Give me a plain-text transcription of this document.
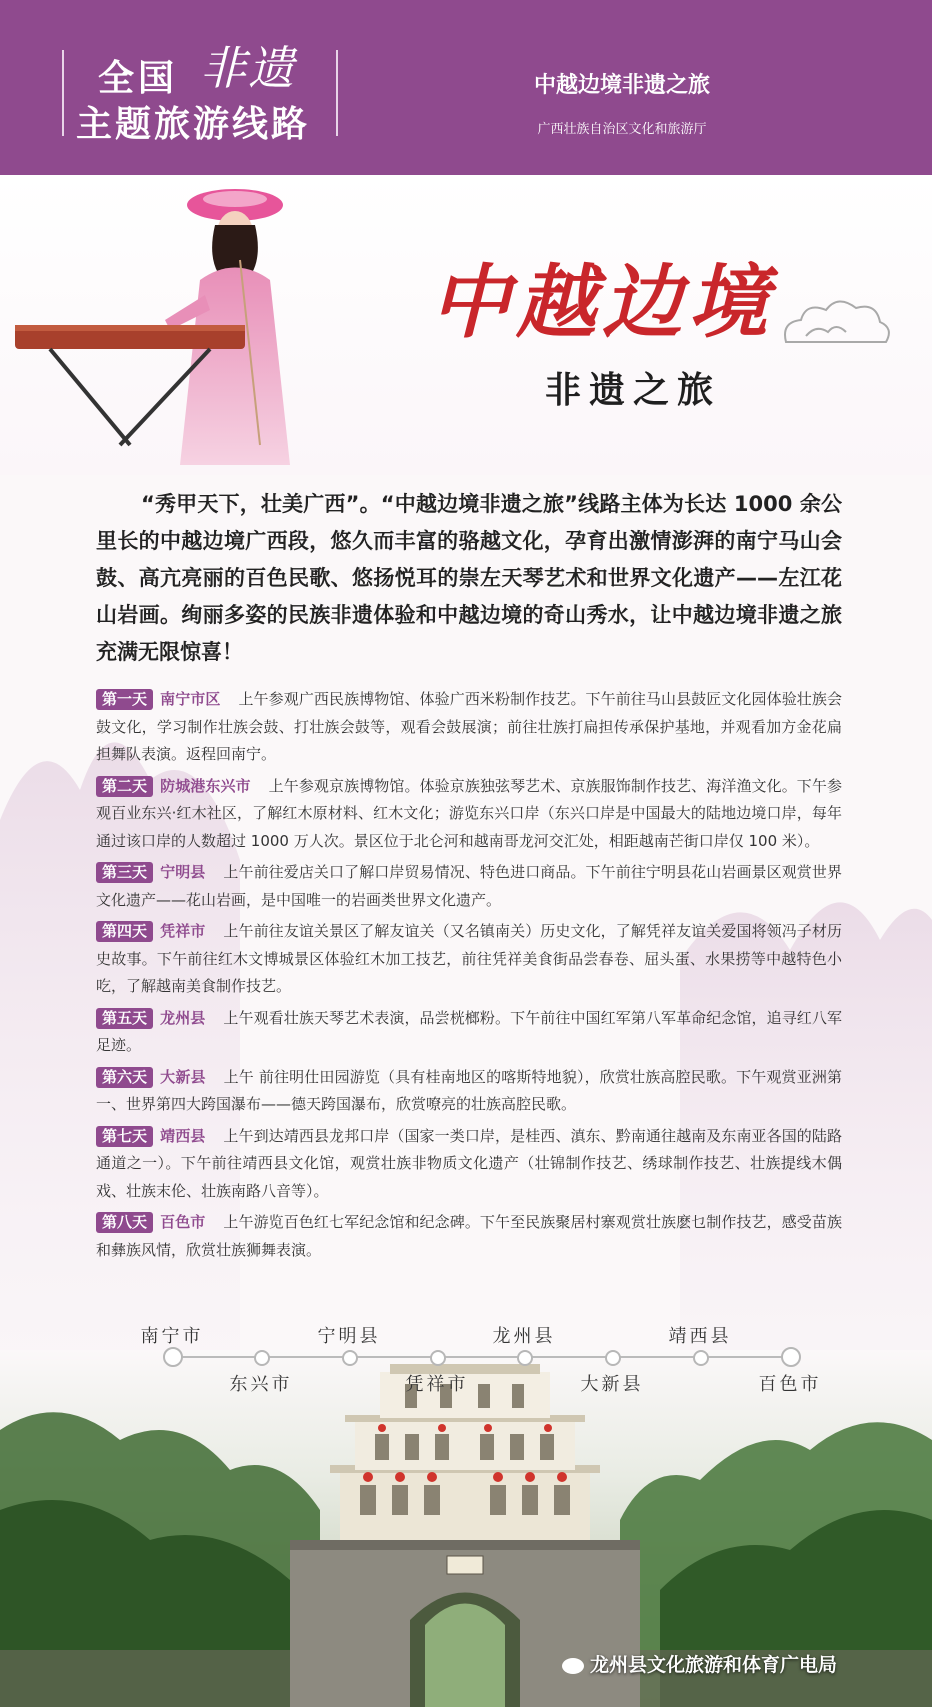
全国 非遗
主题旅游线路
中越边境非遗之旅
广西壮族自治区文化和旅游厅
中越边境
非遗之旅
“秀甲天下，壮美广西”。“中越边境非遗之旅”线路主体为长达 1000 余公里长的中越边境广西段，悠久而丰富的骆越文化，孕育出激情澎湃的南宁马山会鼓、高亢亮丽的百色民歌、悠扬悦耳的崇左天琴艺术和世界文化遗产——左江花山岩画。绚丽多姿的民族非遗体验和中越边境的奇山秀水，让中越边境非遗之旅充满无限惊喜！
第一天 南宁市区 上午参观广西民族博物馆、体验广西米粉制作技艺。下午前往马山县鼓匠文化园体验壮族会鼓文化，学习制作壮族会鼓、打壮族会鼓等，观看会鼓展演；前往壮族打扁担传承保护基地，并观看加方金花扁担舞队表演。返程回南宁。
第二天 防城港东兴市 上午参观京族博物馆。体验京族独弦琴艺术、京族服饰制作技艺、海洋渔文化。下午参观百业东兴·红木社区，了解红木原材料、红木文化；游览东兴口岸（东兴口岸是中国最大的陆地边境口岸，每年通过该口岸的人数超过 1000 万人次。景区位于北仑河和越南哥龙河交汇处，相距越南芒街口岸仅 100 米）。
第三天 宁明县 上午前往爱店关口了解口岸贸易情况、特色进口商品。下午前往宁明县花山岩画景区观赏世界文化遗产——花山岩画，是中国唯一的岩画类世界文化遗产。
第四天 凭祥市 上午前往友谊关景区了解友谊关（又名镇南关）历史文化，了解凭祥友谊关爱国将领冯子材历史故事。下午前往红木文博城景区体验红木加工技艺，前往凭祥美食街品尝春卷、屈头蛋、水果捞等中越特色小吃，了解越南美食制作技艺。
第五天 龙州县 上午观看壮族天琴艺术表演，品尝桄榔粉。下午前往中国红军第八军革命纪念馆，追寻红八军足迹。
第六天 大新县 上午 前往明仕田园游览（具有桂南地区的喀斯特地貌），欣赏壮族高腔民歌。下午观赏亚洲第一、世界第四大跨国瀑布——德天跨国瀑布，欣赏嘹亮的壮族高腔民歌。
第七天 靖西县 上午到达靖西县龙邦口岸（国家一类口岸，是桂西、滇东、黔南通往越南及东南亚各国的陆路通道之一）。下午前往靖西县文化馆，观赏壮族非物质文化遗产（壮锦制作技艺、绣球制作技艺、壮族提线木偶戏、壮族末伦、壮族南路八音等）。
第八天 百色市 上午游览百色红七军纪念馆和纪念碑。下午至民族聚居村寨观赏壮族麽乜制作技艺，感受苗族和彝族风情，欣赏壮族狮舞表演。
南宁市
东兴市
宁明县
凭祥市
龙州县
大新县
靖西县
百色市
龙州县文化旅游和体育广电局
